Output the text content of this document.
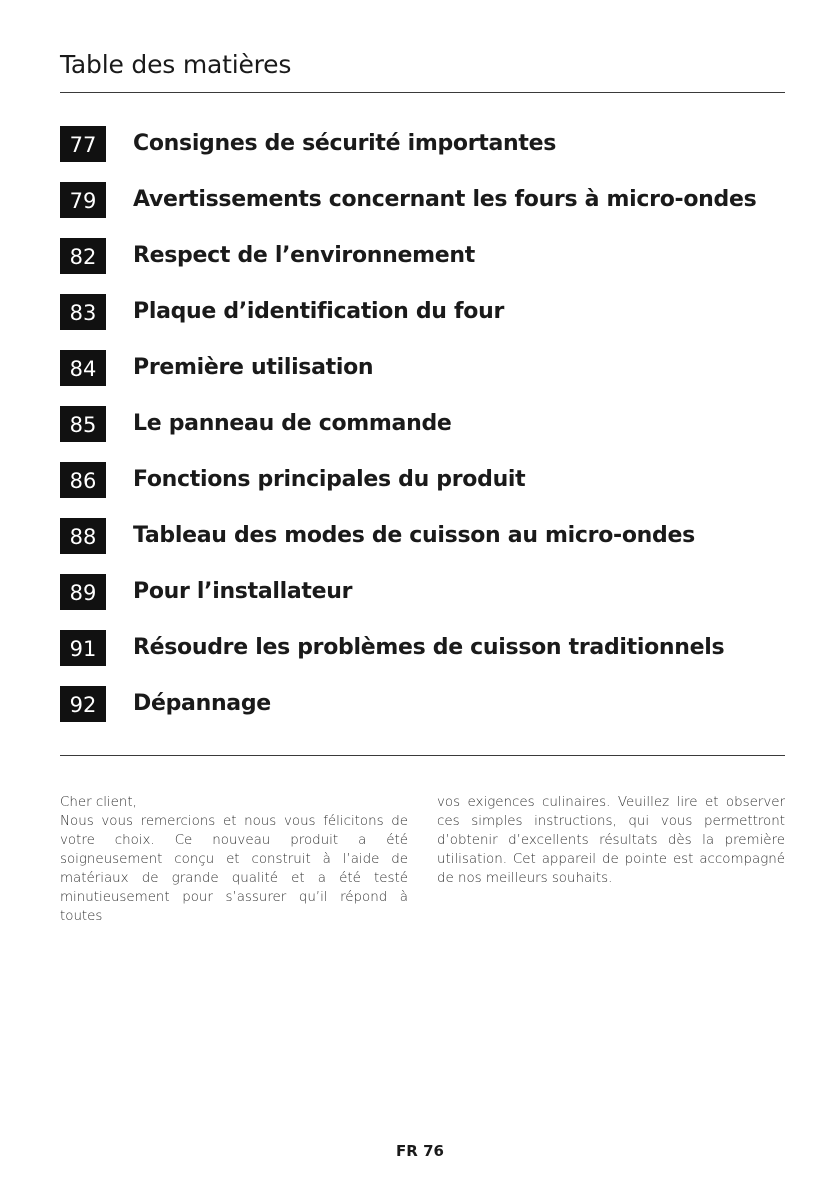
Table des matières
77	Consignes de sécurité importantes
79	Avertissements concernant les fours à micro-ondes
82	Respect de l’environnement
83	Plaque d’identification du four
84	Première utilisation
85	Le panneau de commande
86	Fonctions principales du produit
88	Tableau des modes de cuisson au micro-ondes
89	Pour l’installateur
91	Résoudre les problèmes de cuisson traditionnels
92	Dépannage

Cher client,

Nous vous remercions et nous vous félicitons de votre choix. Ce nouveau produit a été soigneusement conçu et construit à l’aide de matériaux de grande qualité et a été testé minutieusement pour s’assurer qu’il répond à toutes

vos exigences culinaires. Veuillez lire et observer ces simples instructions, qui vous permettront d’obtenir d’excellents résultats dès la première utilisation. Cet appareil de pointe est accompagné de nos meilleurs souhaits.

FR 76
